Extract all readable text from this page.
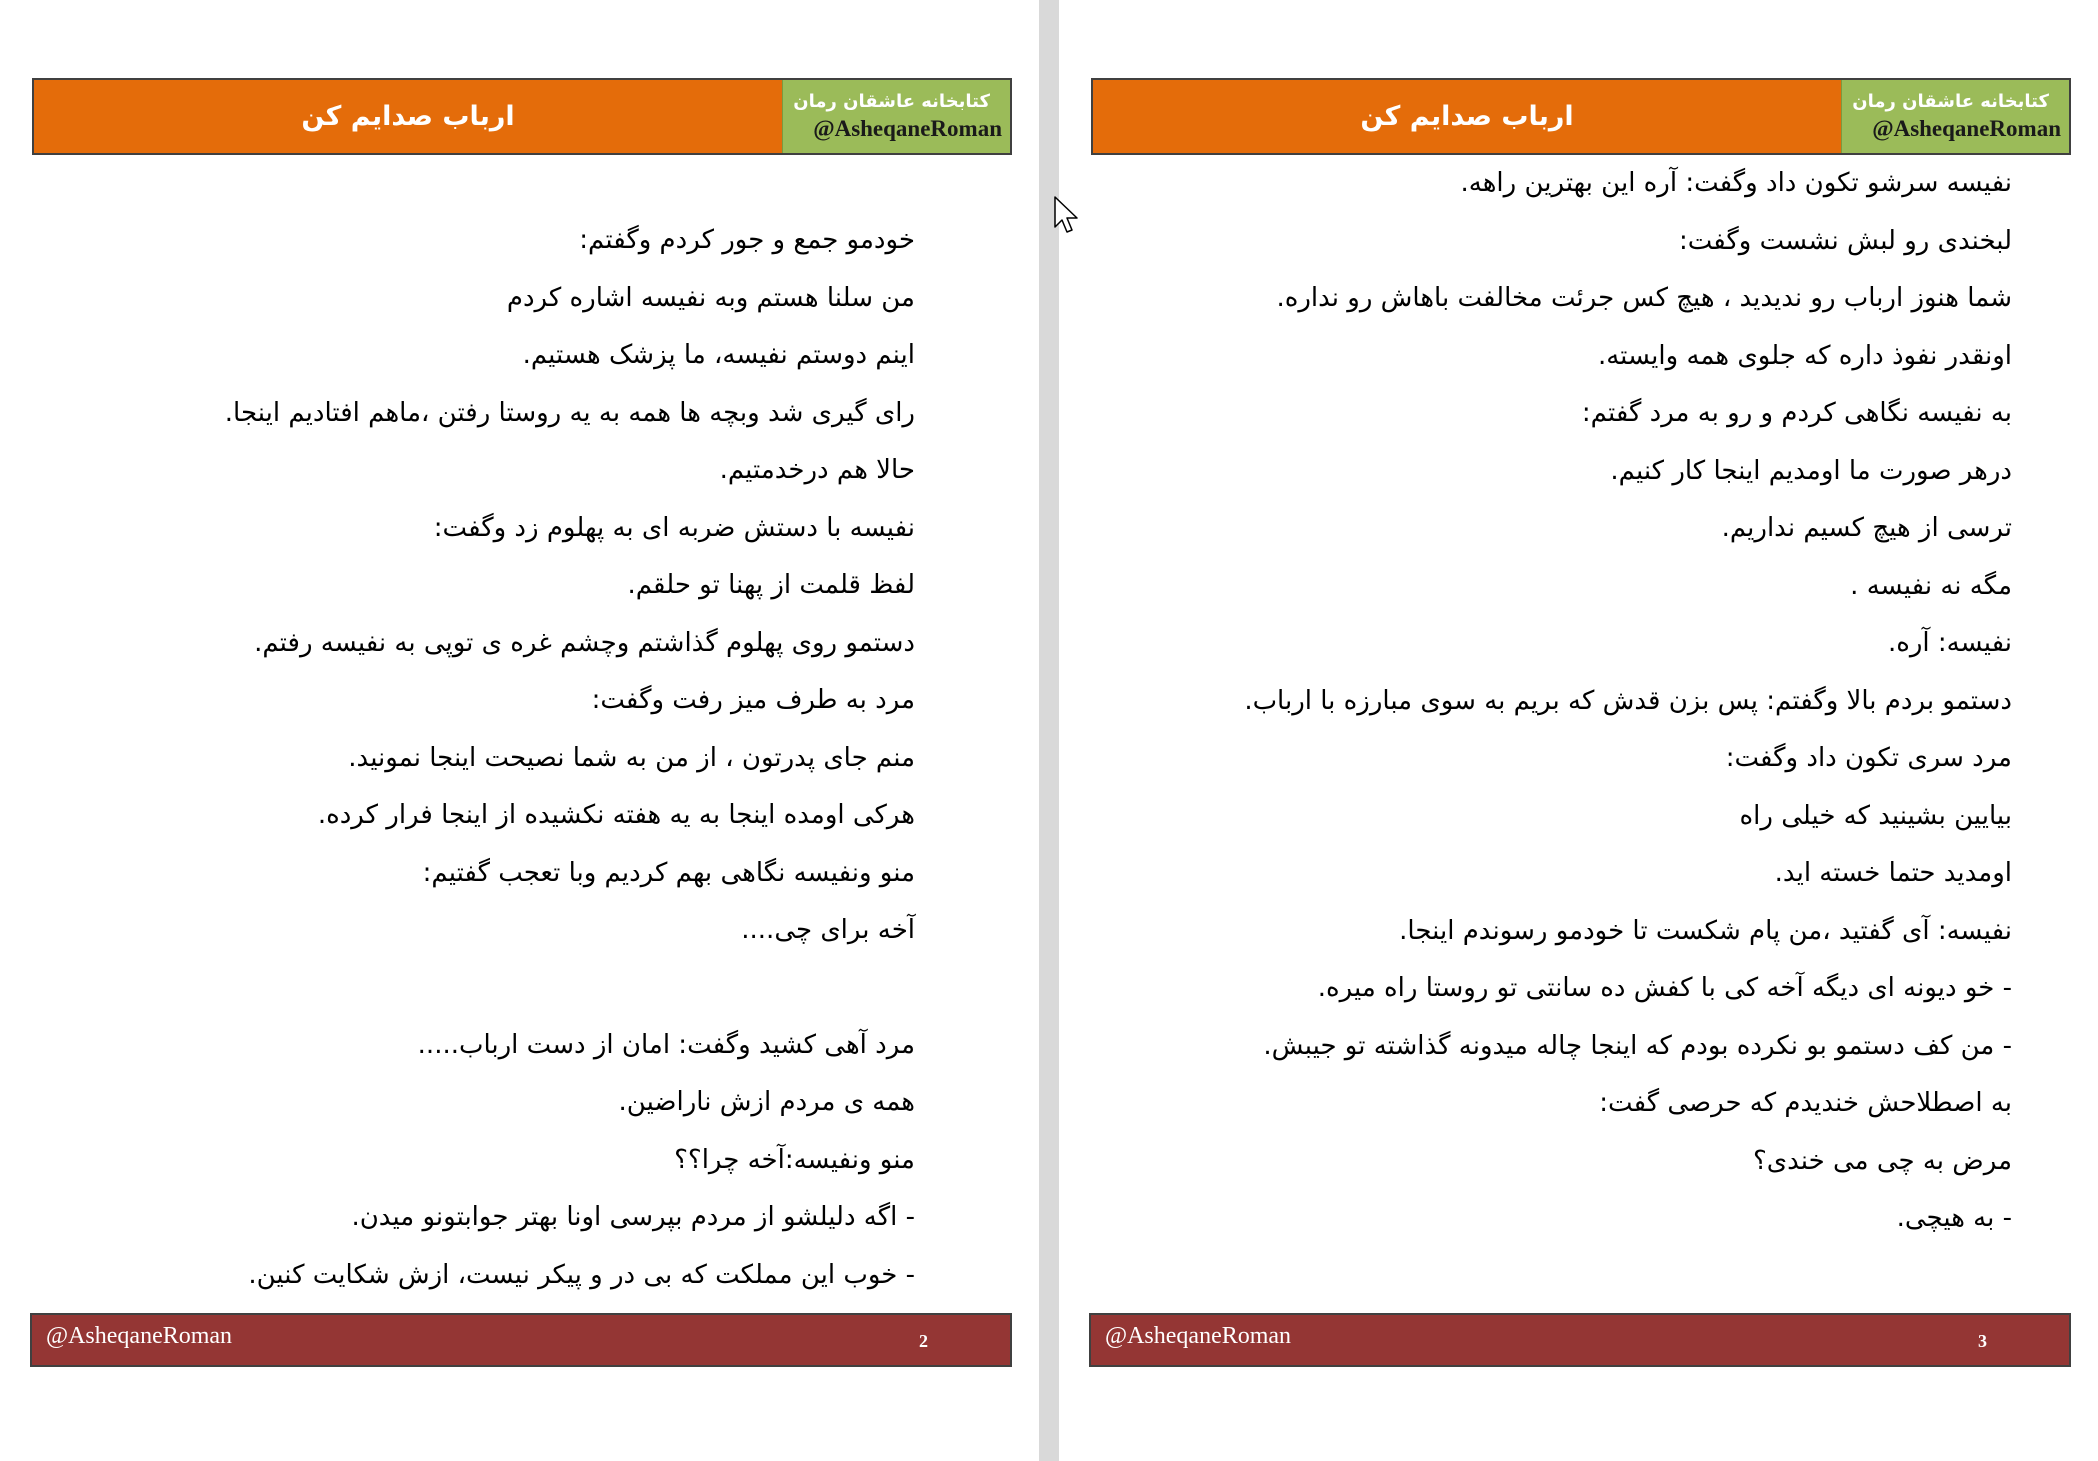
ارباب صدایم کن	کتابخانه عاشقان رمان
@AsheqaneRoman
خودمو جمع و جور کردم وگفتم:
من سلنا هستم وبه نفیسه اشاره کردم
اینم دوستم نفیسه، ما پزشک هستیم.
رای گیری شد وبچه ها همه به یه روستا رفتن ،ماهم افتادیم اینجا.
حالا هم درخدمتیم.
نفیسه با دستش ضربه ای به پهلوم زد وگفت:
لفظ قلمت از پهنا تو حلقم.
دستمو روی پهلوم گذاشتم وچشم غره ی توپی به نفیسه رفتم.
مرد به طرف میز رفت وگفت:
منم جای پدرتون ، از من به شما نصیحت اینجا نمونید.
هرکی اومده اینجا به یه هفته نکشیده از اینجا فرار کرده.
منو ونفیسه نگاهی بهم کردیم وبا تعجب گفتیم:
آخه برای چی....
مرد آهی کشید وگفت: امان از دست ارباب.....
همه ی مردم ازش ناراضین.
منو ونفیسه:آخه چرا؟؟
- اگه دلیلشو از مردم بپرسی اونا بهتر جوابتونو میدن.
- خوب این مملکت که بی در و پیکر نیست، ازش شکایت کنین.
@AsheqaneRoman	2
ارباب صدایم کن	کتابخانه عاشقان رمان
@AsheqaneRoman
نفیسه سرشو تکون داد وگفت: آره این بهترین راهه.
لبخندی رو لبش نشست وگفت:
شما هنوز ارباب رو ندیدید ، هیچ کس جرئت مخالفت باهاش رو نداره.
اونقدر نفوذ داره که جلوی همه وایسته.
به نفیسه نگاهی کردم و رو به مرد گفتم:
درهر صورت ما اومدیم اینجا کار کنیم.
ترسی از هیچ کسیم نداریم.
مگه نه نفیسه .
نفیسه: آره.
دستمو بردم بالا وگفتم: پس بزن قدش که بریم به سوی مبارزه با ارباب.
مرد سری تکون داد وگفت:
بیایین بشینید که خیلی راه
اومدید حتما خسته اید.
نفیسه: آی گفتید ،من پام شکست تا خودمو رسوندم اینجا.
- خو دیونه ای دیگه آخه کی با کفش ده سانتی تو روستا راه میره.
- من کف دستمو بو نکرده بودم که اینجا چاله میدونه گذاشته تو جیبش.
به اصطلاحش خندیدم که حرصی گفت:
مرض به چی می خندی؟
- به هیچی.
@AsheqaneRoman	3
